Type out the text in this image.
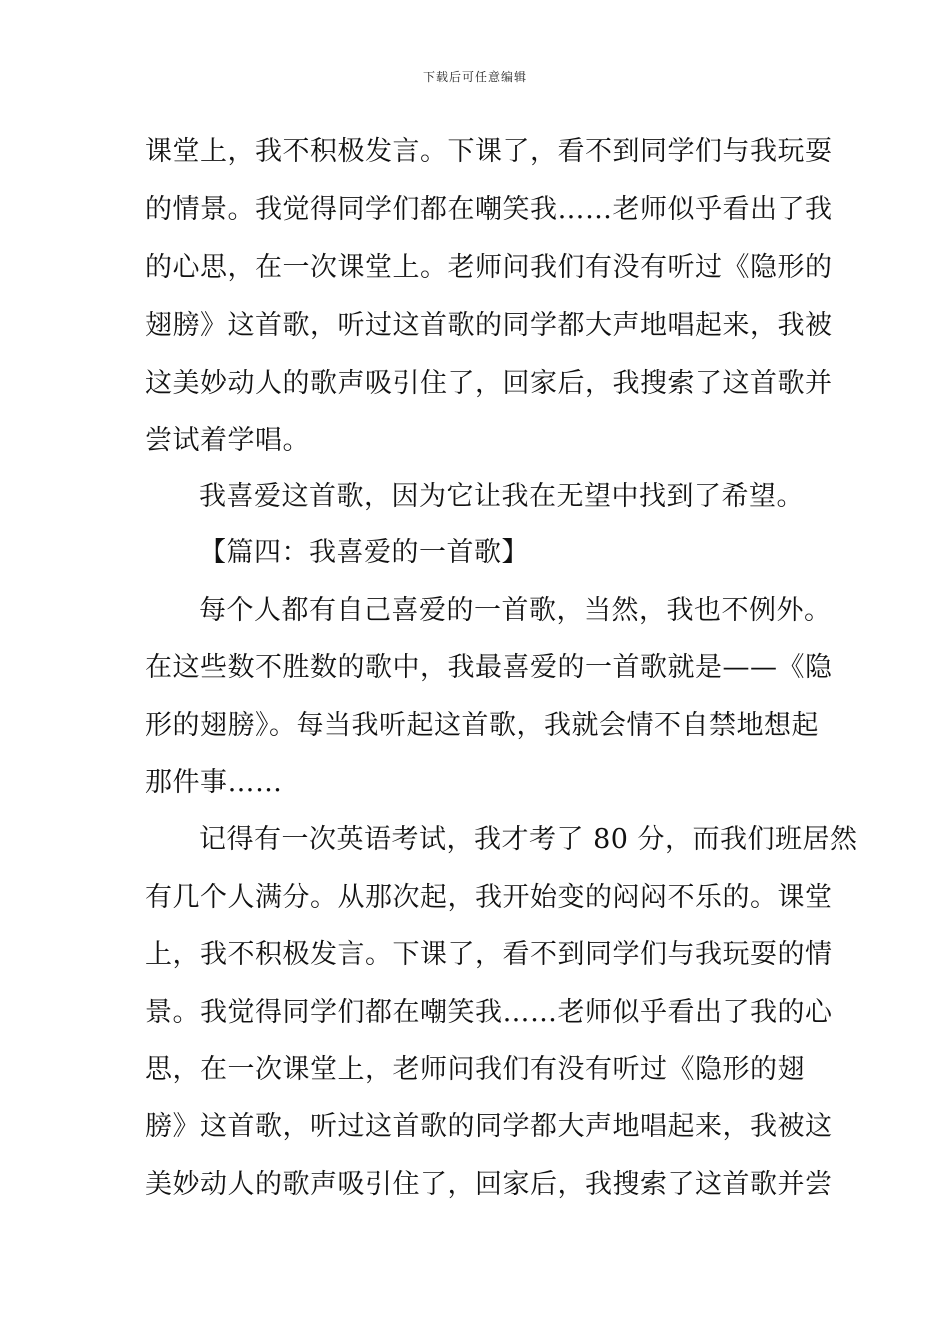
下载后可任意编辑
课堂上，我不积极发言。下课了，看不到同学们与我玩耍
的情景。我觉得同学们都在嘲笑我……老师似乎看出了我
的心思，在一次课堂上。老师问我们有没有听过《隐形的
翅膀》这首歌，听过这首歌的同学都大声地唱起来，我被
这美妙动人的歌声吸引住了，回家后，我搜索了这首歌并
尝试着学唱。
我喜爱这首歌，因为它让我在无望中找到了希望。
【篇四：我喜爱的一首歌】
每个人都有自己喜爱的一首歌，当然，我也不例外。
在这些数不胜数的歌中，我最喜爱的一首歌就是——《隐
形的翅膀》。每当我听起这首歌，我就会情不自禁地想起
那件事……
记得有一次英语考试，我才考了 80 分，而我们班居然
有几个人满分。从那次起，我开始变的闷闷不乐的。课堂
上，我不积极发言。下课了，看不到同学们与我玩耍的情
景。我觉得同学们都在嘲笑我……老师似乎看出了我的心
思，在一次课堂上，老师问我们有没有听过《隐形的翅
膀》这首歌，听过这首歌的同学都大声地唱起来，我被这
美妙动人的歌声吸引住了，回家后，我搜索了这首歌并尝
